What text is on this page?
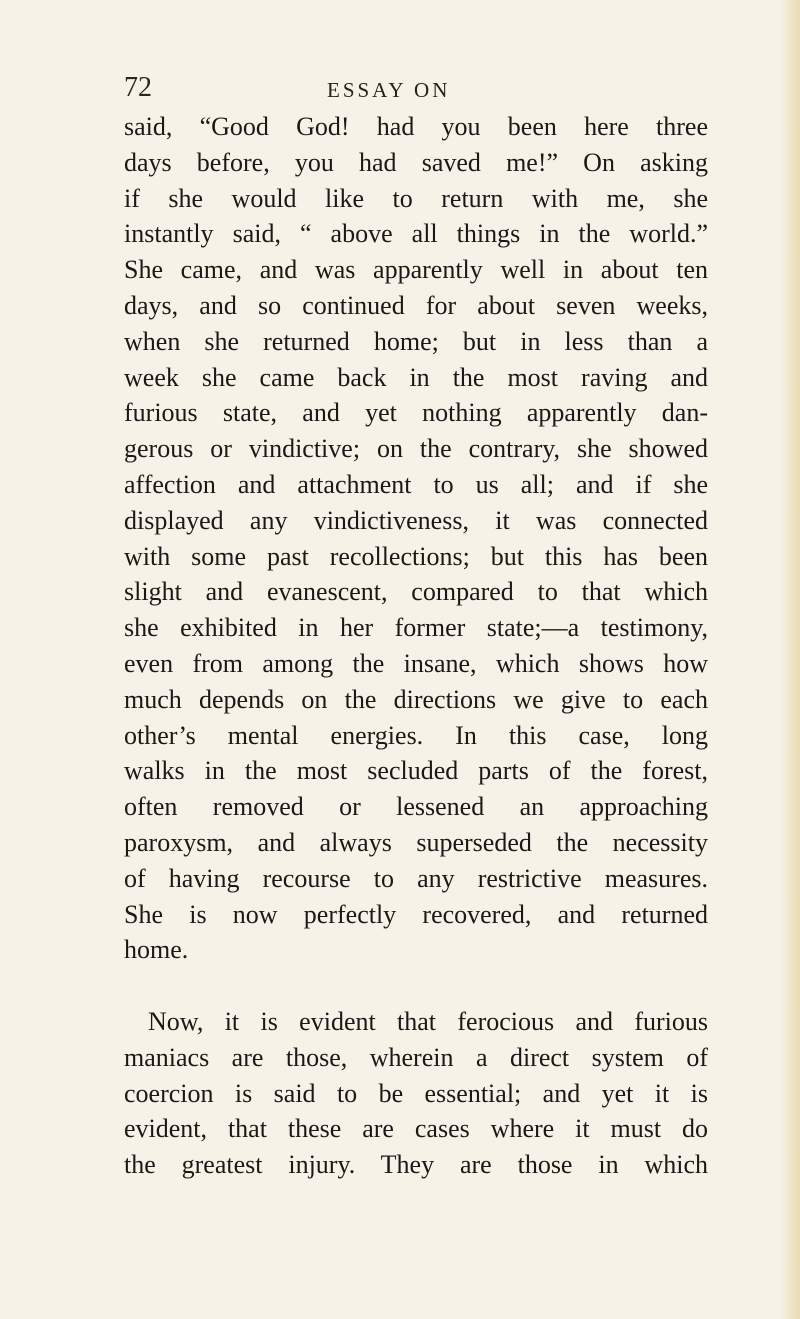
72	ESSAY ON
said, “Good God! had you been here three
days before, you had saved me!” On asking
if she would like to return with me, she
instantly said, “ above all things in the world.”
She came, and was apparently well in about ten
days, and so continued for about seven weeks,
when she returned home; but in less than a
week she came back in the most raving and
furious state, and yet nothing apparently dan-
gerous or vindictive; on the contrary, she showed
affection and attachment to us all; and if she
displayed any vindictiveness, it was connected
with some past recollections; but this has been
slight and evanescent, compared to that which
she exhibited in her former state;—a testimony,
even from among the insane, which shows how
much depends on the directions we give to each
other’s mental energies. In this case, long
walks in the most secluded parts of the forest,
often removed or lessened an approaching
paroxysm, and always superseded the necessity
of having recourse to any restrictive measures.
She is now perfectly recovered, and returned
home.
Now, it is evident that ferocious and furious
maniacs are those, wherein a direct system of
coercion is said to be essential; and yet it is
evident, that these are cases where it must do
the greatest injury. They are those in which
